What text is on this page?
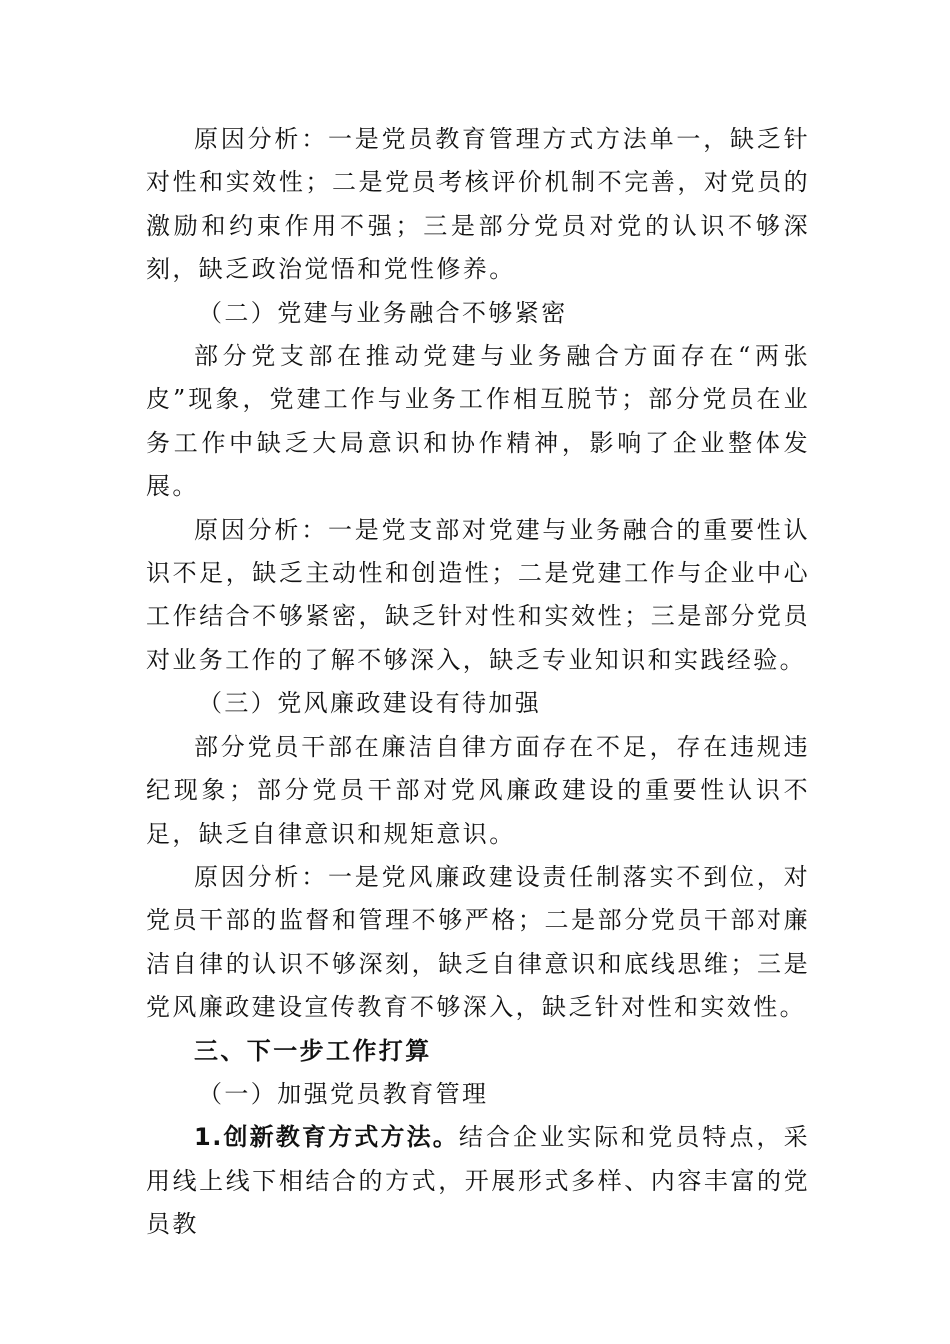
原因分析：一是党员教育管理方式方法单一，缺乏针对性和实效性；二是党员考核评价机制不完善，对党员的激励和约束作用不强；三是部分党员对党的认识不够深刻，缺乏政治觉悟和党性修养。

（二）党建与业务融合不够紧密

部分党支部在推动党建与业务融合方面存在“两张皮”现象，党建工作与业务工作相互脱节；部分党员在业务工作中缺乏大局意识和协作精神，影响了企业整体发展。

原因分析：一是党支部对党建与业务融合的重要性认识不足，缺乏主动性和创造性；二是党建工作与企业中心工作结合不够紧密，缺乏针对性和实效性；三是部分党员对业务工作的了解不够深入，缺乏专业知识和实践经验。

（三）党风廉政建设有待加强

部分党员干部在廉洁自律方面存在不足，存在违规违纪现象；部分党员干部对党风廉政建设的重要性认识不足，缺乏自律意识和规矩意识。

原因分析：一是党风廉政建设责任制落实不到位，对党员干部的监督和管理不够严格；二是部分党员干部对廉洁自律的认识不够深刻，缺乏自律意识和底线思维；三是党风廉政建设宣传教育不够深入，缺乏针对性和实效性。

三、下一步工作打算

（一）加强党员教育管理

1.创新教育方式方法。结合企业实际和党员特点，采用线上线下相结合的方式，开展形式多样、内容丰富的党员教
